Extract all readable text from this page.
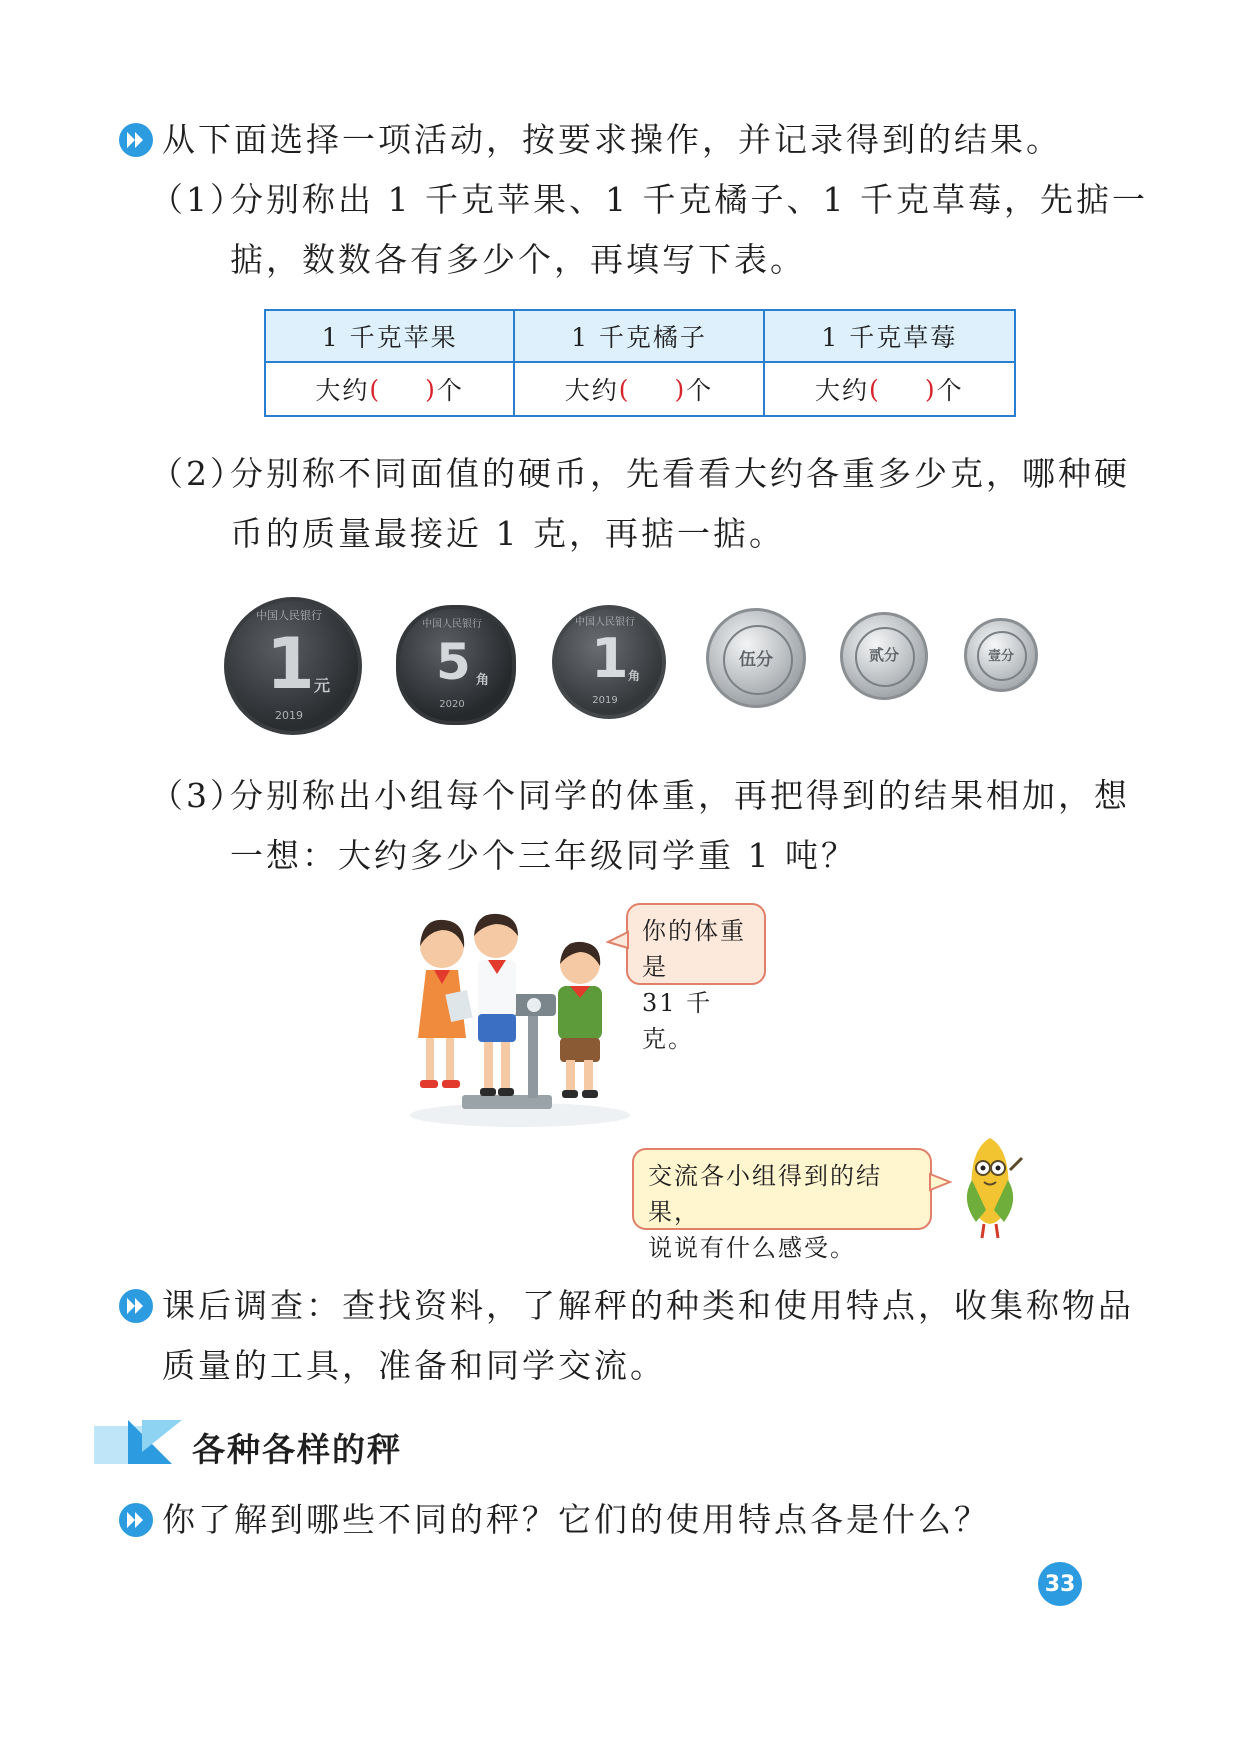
从下面选择一项活动，按要求操作，并记录得到的结果。
（1）
分别称出 1 千克苹果、1 千克橘子、1 千克草莓，先掂一
掂，数数各有多少个，再填写下表。
1 千克苹果	1 千克橘子	1 千克草莓
大约 ( ) 个	大约 ( ) 个	大约 ( ) 个
（2）
分别称不同面值的硬币，先看看大约各重多少克，哪种硬
币的质量最接近 1 克，再掂一掂。
中国人民银行
2019
1 元
中国人民银行
2020
5 角
中国人民银行
2019
1 角
伍分	贰分	壹分
（3）
分别称出小组每个同学的体重，再把得到的结果相加，想
一想：大约多少个三年级同学重 1 吨？
你的体重是
31 千克。
交流各小组得到的结果，
说说有什么感受。
课后调查：查找资料，了解秤的种类和使用特点，收集称物品
质量的工具，准备和同学交流。
各种各样的秤
你了解到哪些不同的秤？它们的使用特点各是什么？
33
